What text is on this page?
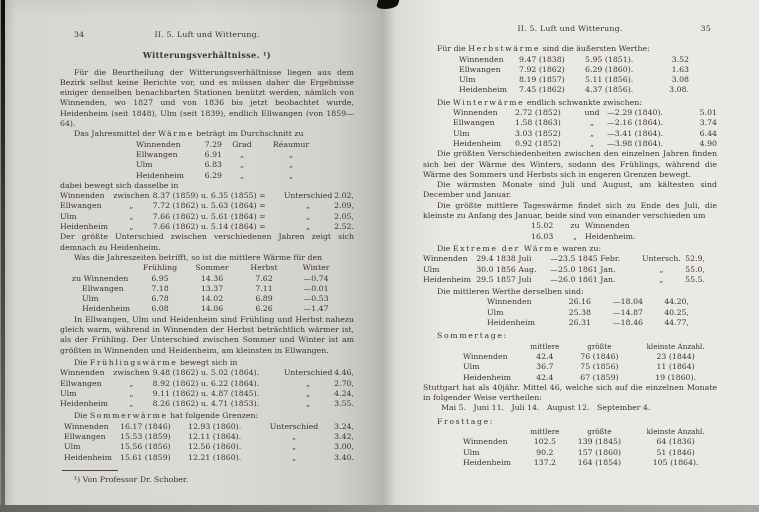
34	II. 5. Luft und Witterung.
Witterungsverhältnisse. ¹)
Für die Beurtheilung der Witterungsverhältnisse liegen aus dem Bezirk selbst keine Berichte vor, und es müssen daher die Ergebnisse einiger denselben benachbarten Stationen benützt werden, nämlich von Winnenden, wo 1827 und von 1836 bis jetzt beobachtet wurde, Heidenheim (seit 1848), Ulm (seit 1839), endlich Ellwangen (von 1859—64).
Das Jahresmittel der Wärme beträgt im Durchschnitt zu
Winnenden	7.29	Grad	Réaumur
Ellwangen	6.91	„	„
Ulm	6.83	„	„
Heidenheim	6.29	„	„
dabei bewegt sich dasselbe in
Winnenden	zwischen 8.37 (1859) u. 6.35 (1855) =	Unterschied 2.02,
Ellwangen	„	7.72 (1862) u. 5.63 (1864) =	„	2.09,
Ulm	„	7.66 (1862) u. 5.61 (1864) =	„	2.05,
Heidenheim	„	7.66 (1862) u. 5.14 (1864) =	„	2.52.
Der größte Unterschied zwischen verschiedenen Jahren zeigt sich demnach zu Heidenheim.
Was die Jahreszeiten betrifft, so ist die mittlere Wärme für den
Frühling	Sommer	Herbst	Winter
zu Winnenden	6.95	14.36	7.62	—0.74
Ellwangen	7.18	13.37	7.11	—0.01
Ulm	6.78	14.02	6.89	—0.53
Heidenheim	6.08	14.06	6.26	—1.47
In Ellwangen, Ulm und Heidenheim sind Frühling und Herbst nahezu gleich warm, während in Winnenden der Herbst beträchtlich wärmer ist, als der Frühling. Der Unterschied zwischen Sommer und Winter ist am größten in Winnenden und Heidenheim, am kleinsten in Ellwangen.
Die Frühlingswärme bewegt sich in
Winnenden	zwischen 9.48 (1862) u. 5.02 (1864).	Unterschied 4.46,
Ellwangen	„	8.92 (1862) u. 6.22 (1864).	„	2.70,
Ulm	„	9.11 (1862) u. 4.87 (1845).	„	4.24,
Heidenheim	„	8.26 (1862) u. 4.71 (1853).	„	3.55.
Die Sommerwärme hat folgende Grenzen:
Winnenden	16.17 (1846)	12.93 (1860).	Unterschied	3.24,
Ellwangen	15.53 (1859)	12.11 (1864).	„	3.42,
Ulm	15.56 (1856)	12.56 (1860).	„	3.00,
Heidenheim	15.61 (1859)	12.21 (1860).	„	3.40.
¹) Von Professor Dr. Schober.
II. 5. Luft und Witterung.	35
Für die Herbstwärme sind die äußersten Werthe:
Winnenden	9.47 (1838)	5.95 (1851).	3.52
Ellwangen	7.92 (1862)	6.29 (1860).	1.63
Ulm	8.19 (1857)	5.11 (1856).	3.08
Heidenheim	7.45 (1862)	4.37 (1856).	3.08.
Die Winterwärme endlich schwankte zwischen:
Winnenden	2.72 (1852)	und —2.29 (1840).	5.01
Ellwangen	1.58 (1863)	„	—2.16 (1864).	3.74
Ulm	3.03 (1852)	„	—3.41 (1864).	6.44
Heidenheim	0.92 (1852)	„	—3.98 (1864).	4.90
Die größten Verschiedenheiten zwischen den einzelnen Jahren finden sich bei der Wärme des Winters, sodann des Frühlings, während die Wärme des Sommers und Herbsts sich in engeren Grenzen bewegt.
Die wärmsten Monate sind Juli und August, am kältesten sind December und Januar.
Die größte mittlere Tageswärme findet sich zu Ende des Juli, die kleinste zu Anfang des Januar, beide sind von einander verschieden um
15.02	zu Winnenden
16.03	„	Heidenheim.
Die Extreme der Wärme waren zu:
Winnenden	29.4 1838 Juli	—23.5 1845 Febr.	Untersch. 52.9,
Ulm	30.0 1856 Aug.	—25.0 1861 Jan.	„	55.0,
Heidenheim 29.5 1857 Juli	—26.0 1861 Jan.	„	55.5.
Die mittleren Werthe derselben sind:
Winnenden	26.16	—18.04	44.20,
Ulm	25.38	—14.87	40.25,
Heidenheim	26.31	—18.46	44.77,
Sommertage:
mittlere	größte	kleinste Anzahl.
Winnenden	42.4	76 (1846)	23 (1844)
Ulm	36.7	75 (1856)	11 (1864)
Heidenheim	42.4	67 (1859)	19 (1860).
Stuttgart hat als 40jähr. Mittel 46, welche sich auf die einzelnen Monate in folgender Weise vertheilen:
Mai 5.   Juni 11.   Juli 14.   August 12.   September 4.
Frosttage:
mittlere	größte	kleinste Anzahl.
Winnenden	102.5	139 (1845)	64 (1836)
Ulm	90.2	157 (1860)	51 (1846)
Heidenheim	137.2	164 (1854)	105 (1864).
